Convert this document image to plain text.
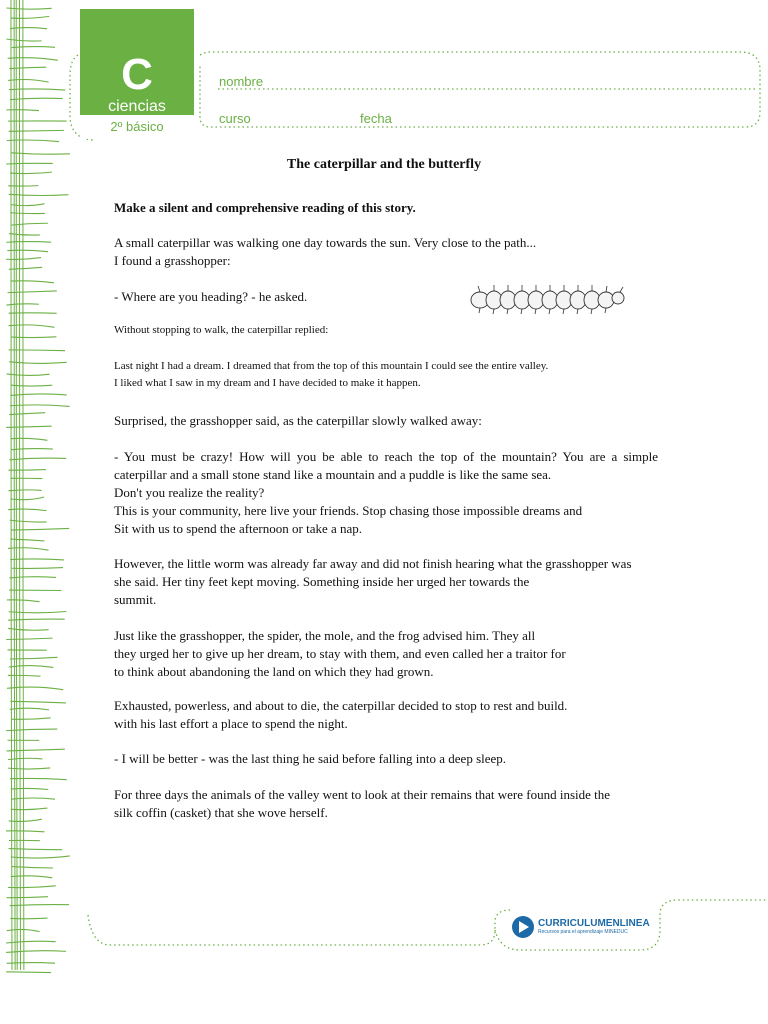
C
ciencias
2º básico
nombre
curso	fecha
The caterpillar and the butterfly

Make a silent and comprehensive reading of this story.

A small caterpillar was walking one day towards the sun. Very close to the path...
I found a grasshopper:

- Where are you heading? - he asked.

Without stopping to walk, the caterpillar replied:

Last night I had a dream. I dreamed that from the top of this mountain I could see the entire valley.
I liked what I saw in my dream and I have decided to make it happen.

Surprised, the grasshopper said, as the caterpillar slowly walked away:

- You must be crazy! How will you be able to reach the top of the mountain? You are a simple caterpillar and a small stone stand like a mountain and a puddle is like the same sea.
Don't you realize the reality?
This is your community, here live your friends. Stop chasing those impossible dreams and
Sit with us to spend the afternoon or take a nap.

However, the little worm was already far away and did not finish hearing what the grasshopper was
she said. Her tiny feet kept moving. Something inside her urged her towards the
summit.

Just like the grasshopper, the spider, the mole, and the frog advised him. They all
they urged her to give up her dream, to stay with them, and even called her a traitor for
to think about abandoning the land on which they had grown.

Exhausted, powerless, and about to die, the caterpillar decided to stop to rest and build.
with his last effort a place to spend the night.

- I will be better - was the last thing he said before falling into a deep sleep.

For three days the animals of the valley went to look at their remains that were found inside the
silk coffin (casket) that she wove herself.

CURRICULUMENLINEA
Recursos para el aprendizaje MINEDUC
